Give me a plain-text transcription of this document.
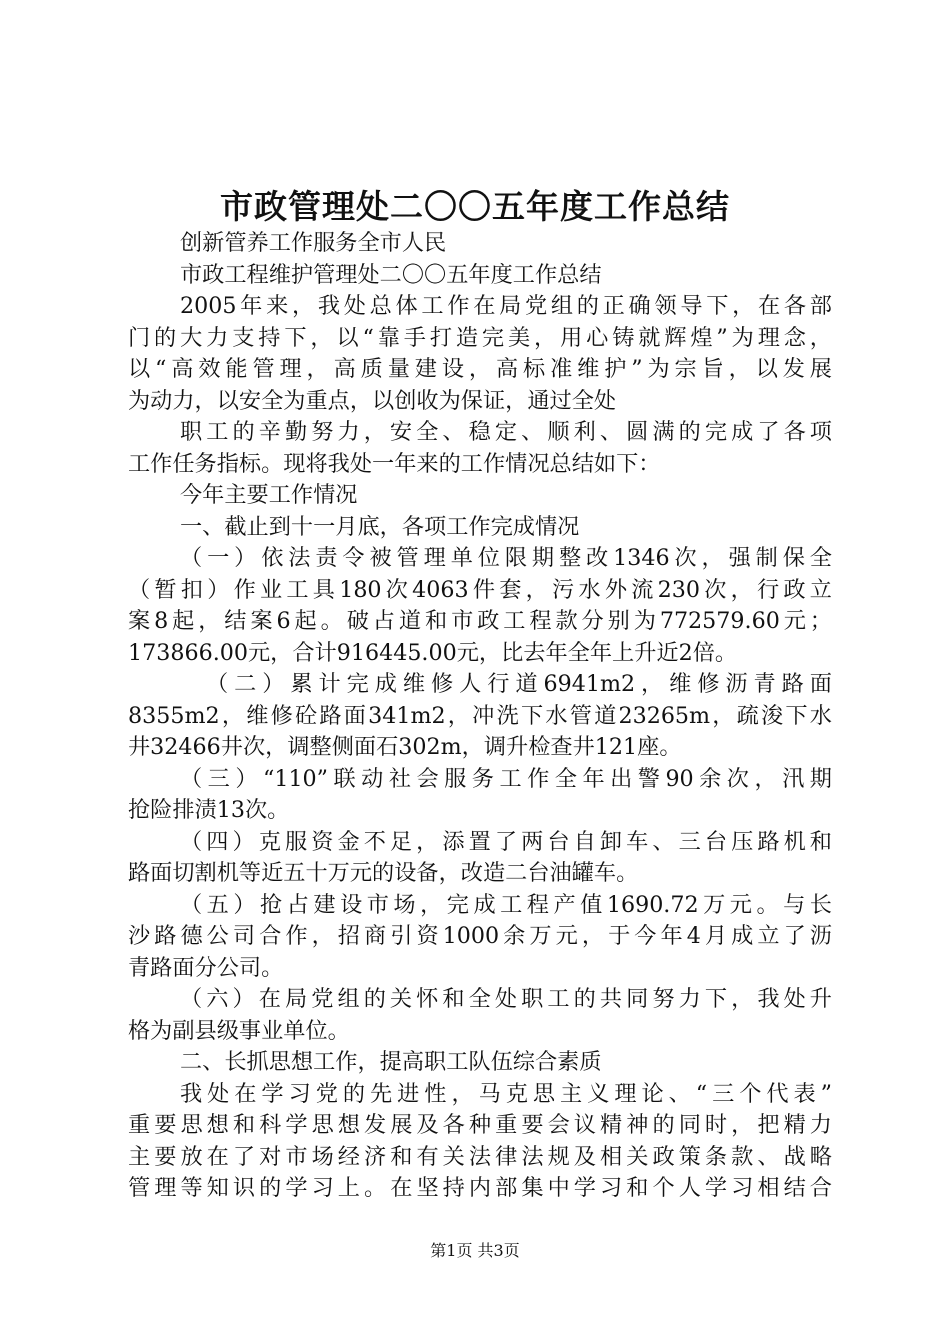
市政管理处二〇〇五年度工作总结
创新管养工作服务全市人民
市政工程维护管理处二〇〇五年度工作总结
2005年来，我处总体工作在局党组的正确领导下，在各部
门的大力支持下，以“靠手打造完美，用心铸就辉煌”为理念，
以“高效能管理，高质量建设，高标准维护”为宗旨，以发展
为动力，以安全为重点，以创收为保证，通过全处
职工的辛勤努力，安全、稳定、顺利、圆满的完成了各项
工作任务指标。现将我处一年来的工作情况总结如下：
今年主要工作情况
一、截止到十一月底，各项工作完成情况
（一）依法责令被管理单位限期整改1346次，强制保全
（暂扣）作业工具180次4063件套，污水外流230次，行政立
案8起，结案6起。破占道和市政工程款分别为772579.60元；
173866.00元，合计916445.00元，比去年全年上升近2倍。
（二）累计完成维修人行道6941m2，维修沥青路面
8355m2，维修砼路面341m2，冲洗下水管道23265m，疏浚下水
井32466井次，调整侧面石302m，调升检查井121座。
（三）“110”联动社会服务工作全年出警90余次，汛期
抢险排渍13次。
（四）克服资金不足，添置了两台自卸车、三台压路机和
路面切割机等近五十万元的设备，改造二台油罐车。
（五）抢占建设市场，完成工程产值1690.72万元。与长
沙路德公司合作，招商引资1000余万元，于今年4月成立了沥
青路面分公司。
（六）在局党组的关怀和全处职工的共同努力下，我处升
格为副县级事业单位。
二、长抓思想工作，提高职工队伍综合素质
我处在学习党的先进性，马克思主义理论、“三个代表”
重要思想和科学思想发展及各种重要会议精神的同时，把精力
主要放在了对市场经济和有关法律法规及相关政策条款、战略
管理等知识的学习上。在坚持内部集中学习和个人学习相结合
第1页 共3页
